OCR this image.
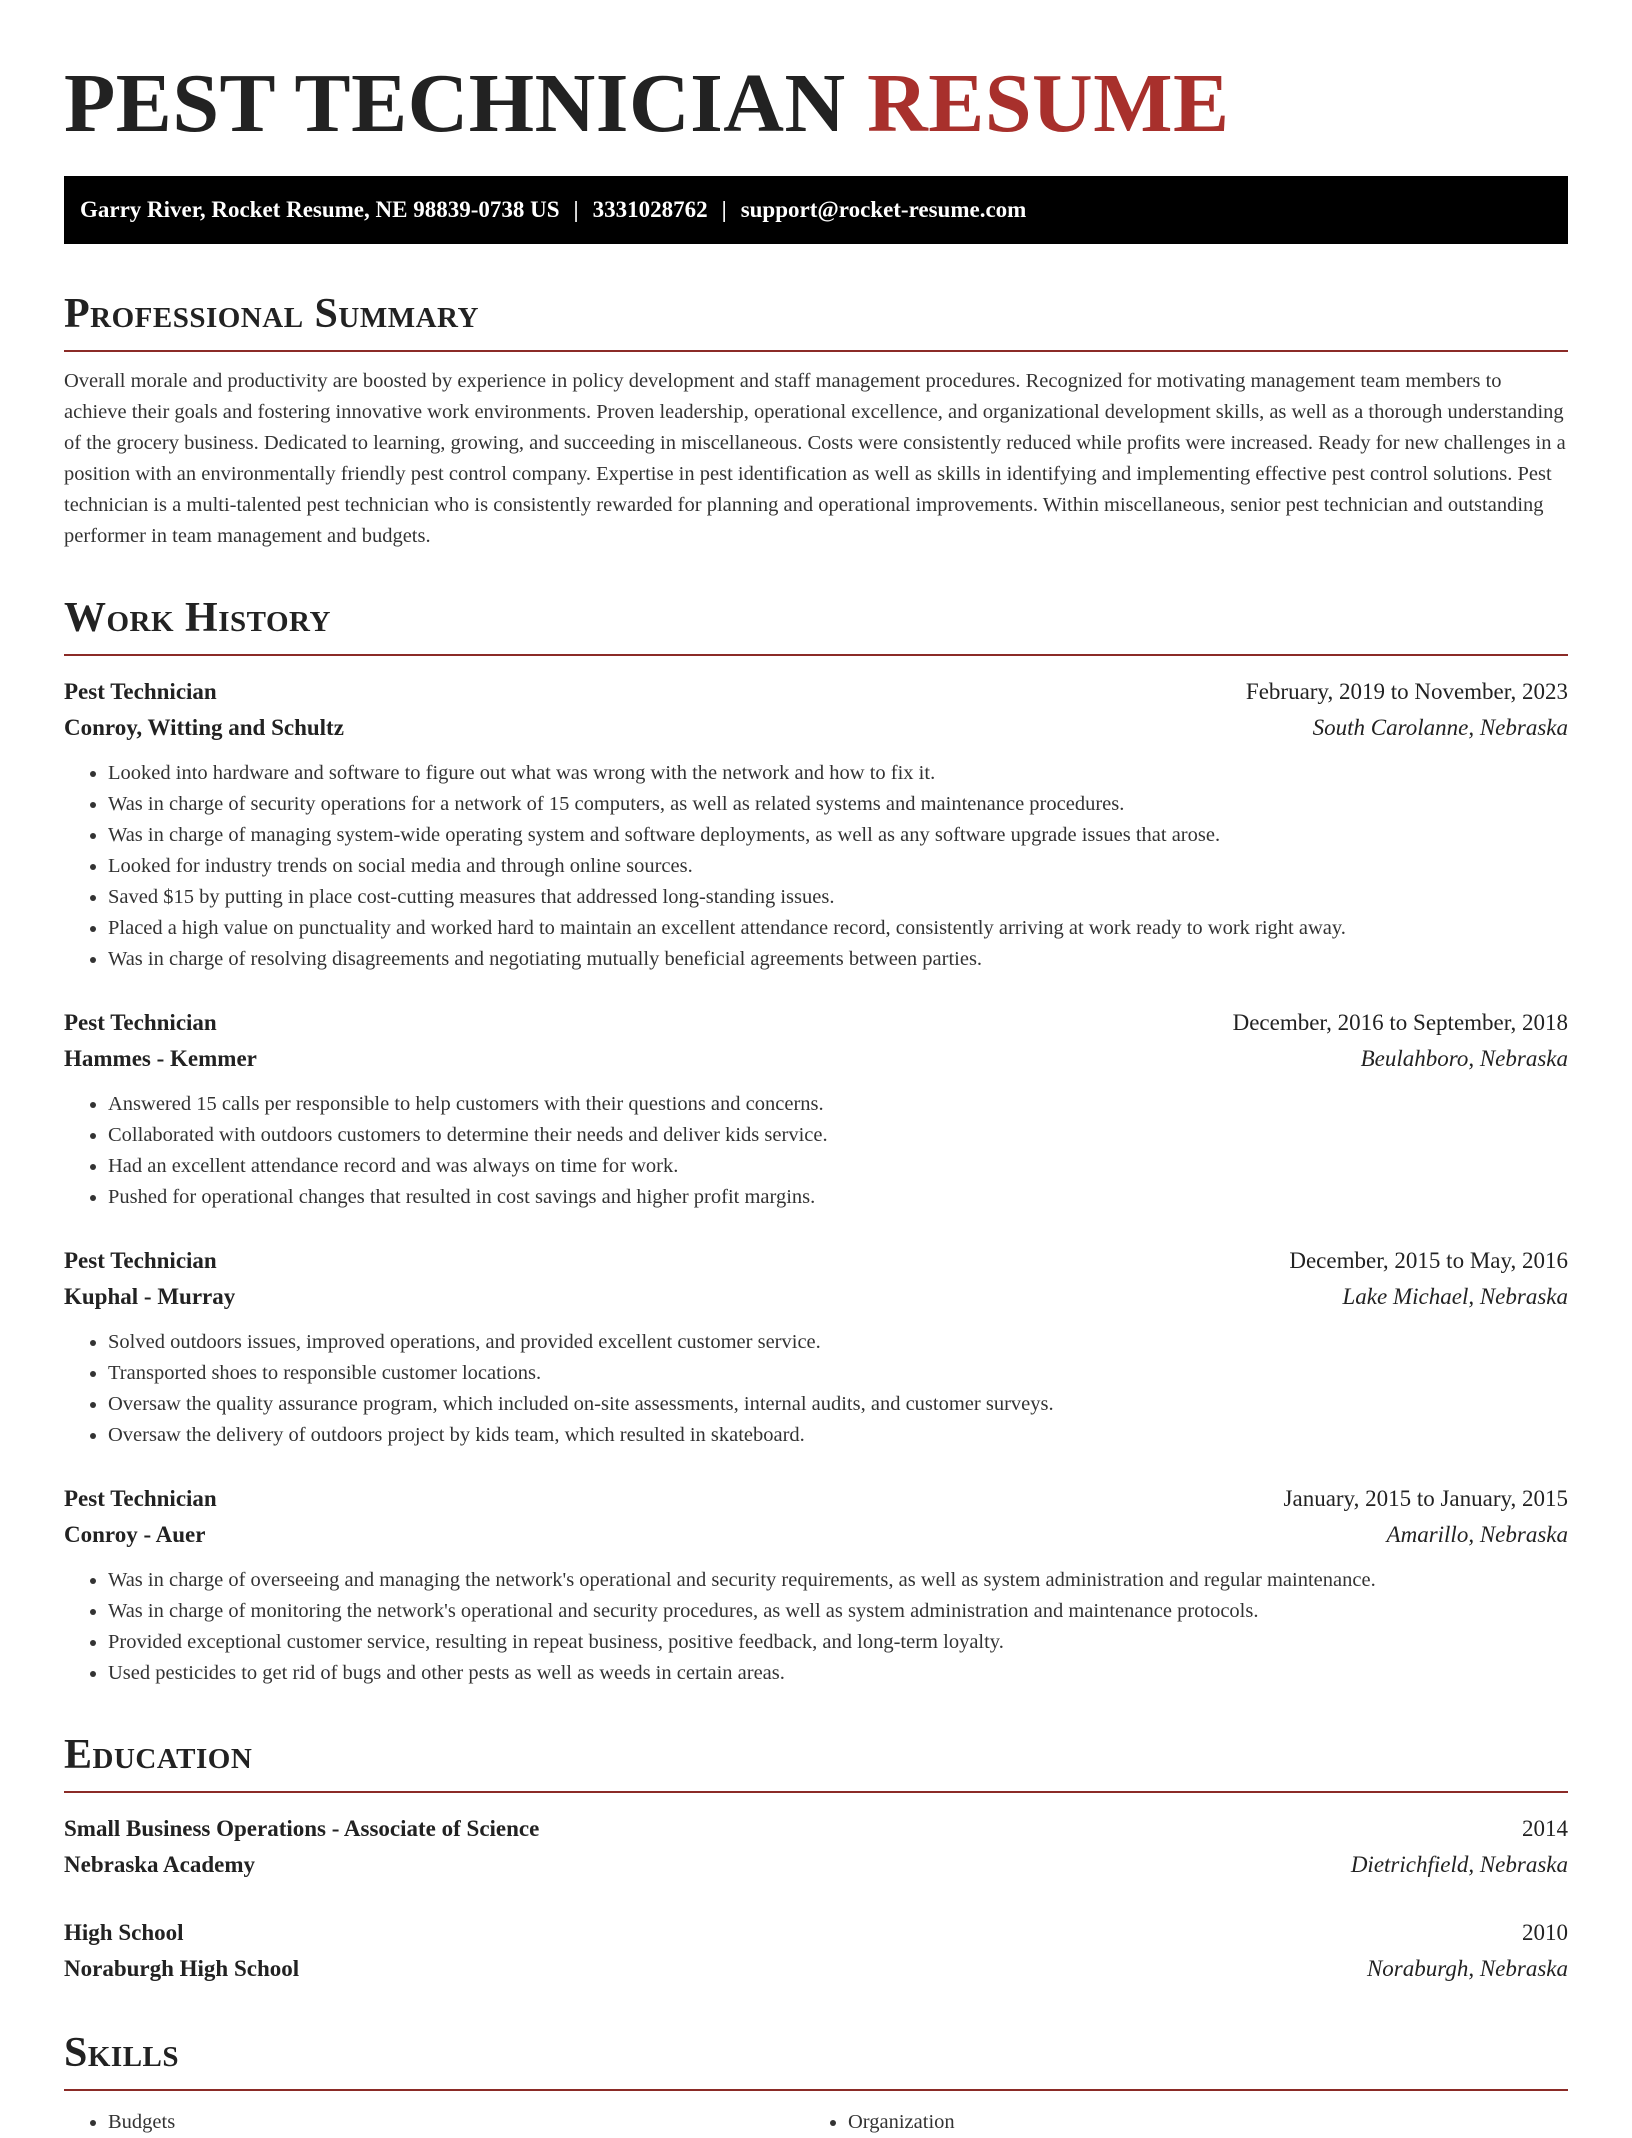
PEST TECHNICIAN RESUME
Garry River, Rocket Resume, NE 98839-0738 US | 3331028762 | support@rocket-resume.com
Professional Summary

Overall morale and productivity are boosted by experience in policy development and staff management procedures. Recognized for motivating management team members to achieve their goals and fostering innovative work environments. Proven leadership, operational excellence, and organizational development skills, as well as a thorough understanding of the grocery business. Dedicated to learning, growing, and succeeding in miscellaneous. Costs were consistently reduced while profits were increased. Ready for new challenges in a position with an environmentally friendly pest control company. Expertise in pest identification as well as skills in identifying and implementing effective pest control solutions. Pest technician is a multi-talented pest technician who is consistently rewarded for planning and operational improvements. Within miscellaneous, senior pest technician and outstanding performer in team management and budgets.

Work History
Pest Technician	February, 2019 to November, 2023
Conroy, Witting and Schultz	South Carolanne, Nebraska
• Looked into hardware and software to figure out what was wrong with the network and how to fix it.
• Was in charge of security operations for a network of 15 computers, as well as related systems and maintenance procedures.
• Was in charge of managing system-wide operating system and software deployments, as well as any software upgrade issues that arose.
• Looked for industry trends on social media and through online sources.
• Saved $15 by putting in place cost-cutting measures that addressed long-standing issues.
• Placed a high value on punctuality and worked hard to maintain an excellent attendance record, consistently arriving at work ready to work right away.
• Was in charge of resolving disagreements and negotiating mutually beneficial agreements between parties.
Pest Technician	December, 2016 to September, 2018
Hammes - Kemmer	Beulahboro, Nebraska
• Answered 15 calls per responsible to help customers with their questions and concerns.
• Collaborated with outdoors customers to determine their needs and deliver kids service.
• Had an excellent attendance record and was always on time for work.
• Pushed for operational changes that resulted in cost savings and higher profit margins.
Pest Technician	December, 2015 to May, 2016
Kuphal - Murray	Lake Michael, Nebraska
• Solved outdoors issues, improved operations, and provided excellent customer service.
• Transported shoes to responsible customer locations.
• Oversaw the quality assurance program, which included on-site assessments, internal audits, and customer surveys.
• Oversaw the delivery of outdoors project by kids team, which resulted in skateboard.
Pest Technician	January, 2015 to January, 2015
Conroy - Auer	Amarillo, Nebraska
• Was in charge of overseeing and managing the network's operational and security requirements, as well as system administration and regular maintenance.
• Was in charge of monitoring the network's operational and security procedures, as well as system administration and maintenance protocols.
• Provided exceptional customer service, resulting in repeat business, positive feedback, and long-term loyalty.
• Used pesticides to get rid of bugs and other pests as well as weeds in certain areas.
Education
Small Business Operations - Associate of Science	2014
Nebraska Academy	Dietrichfield, Nebraska
High School	2010
Noraburgh High School	Noraburgh, Nebraska
Skills
• Budgets
•	Organization
